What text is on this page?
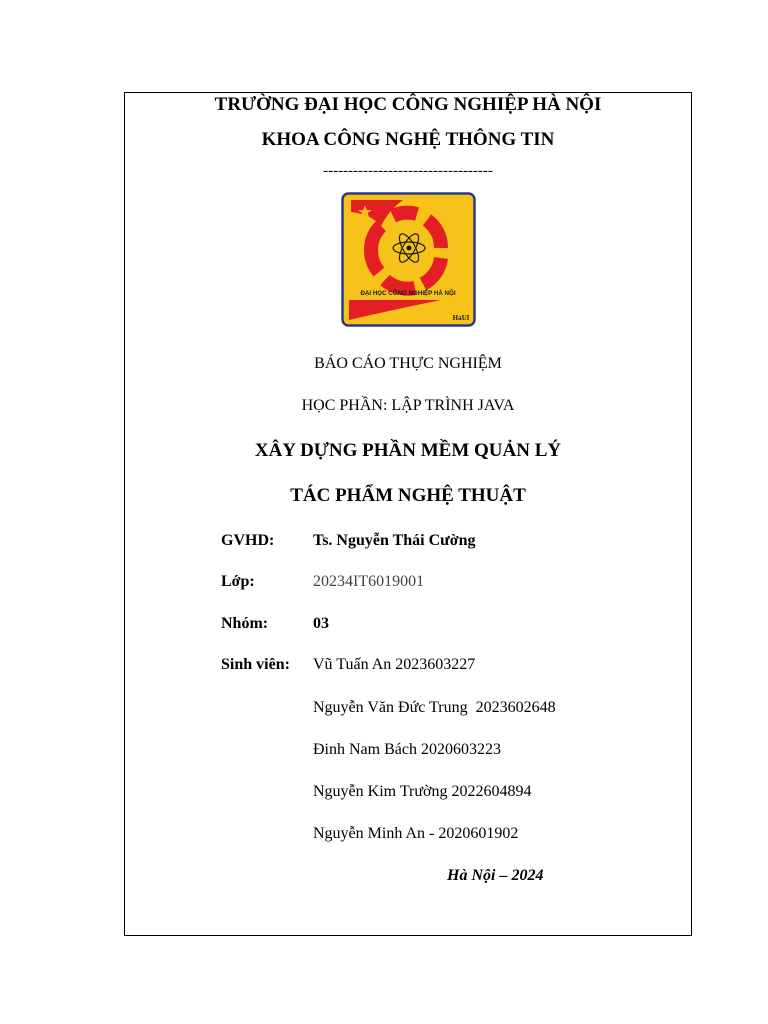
TRƯỜNG ĐẠI HỌC CÔNG NGHIỆP HÀ NỘI
KHOA CÔNG NGHỆ THÔNG TIN
----------------------------------
ĐẠI HỌC CÔNG NGHIỆP HÀ NỘI
HaUI
BÁO CÁO THỰC NGHIỆM
HỌC PHẦN: LẬP TRÌNH JAVA
XÂY DỰNG PHẦN MỀM QUẢN LÝ
TÁC PHẨM NGHỆ THUẬT
GVHD: Ts. Nguyễn Thái Cường
Lớp:	20234IT6019001
Nhóm:	03
Sinh viên: Vũ Tuấn An 2023603227
Nguyễn Văn Đức Trung  2023602648
Đinh Nam Bách 2020603223
Nguyễn Kim Trường 2022604894
Nguyễn Minh An - 2020601902
Hà Nội – 2024
